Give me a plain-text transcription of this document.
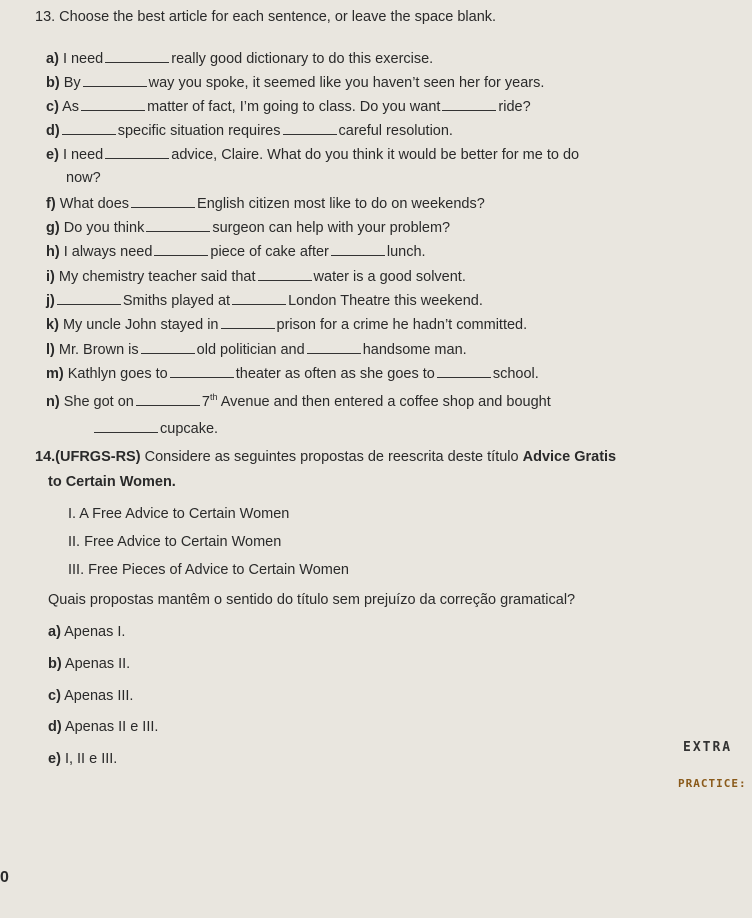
13. Choose the best article for each sentence, or leave the space blank.
a) I need	really good dictionary to do this exercise.
b) By	way you spoke, it seemed like you haven’t seen her for years.
c) As	matter of fact, I’m going to class. Do you want	ride?
d)	specific situation requires	careful resolution.
e) I need	advice, Claire. What do you think it would be better for me to do
now?
f) What does	English citizen most like to do on weekends?
g) Do you think	surgeon can help with your problem?
h) I always need	piece of cake after	lunch.
i) My chemistry teacher said that	water is a good solvent.
j)	Smiths played at	London Theatre this weekend.
k) My uncle John stayed in	prison for a crime he hadn’t committed.
l) Mr. Brown is	old politician and	handsome man.
m) Kathlyn goes to	theater as often as she goes to	school.
n) She got on	7th Avenue and then entered a coffee shop and bought
cupcake.
14.(UFRGS-RS) Considere as seguintes propostas de reescrita deste título Advice Gratis
to Certain Women.
I. A Free Advice to Certain Women
II. Free Advice to Certain Women
III. Free Pieces of Advice to Certain Women
Quais propostas mantêm o sentido do título sem prejuízo da correção gramatical?
a) Apenas I.
b) Apenas II.
c) Apenas III.
d) Apenas II e III.
e) I, II e III.
EXTRA
PRACTICE:
0
